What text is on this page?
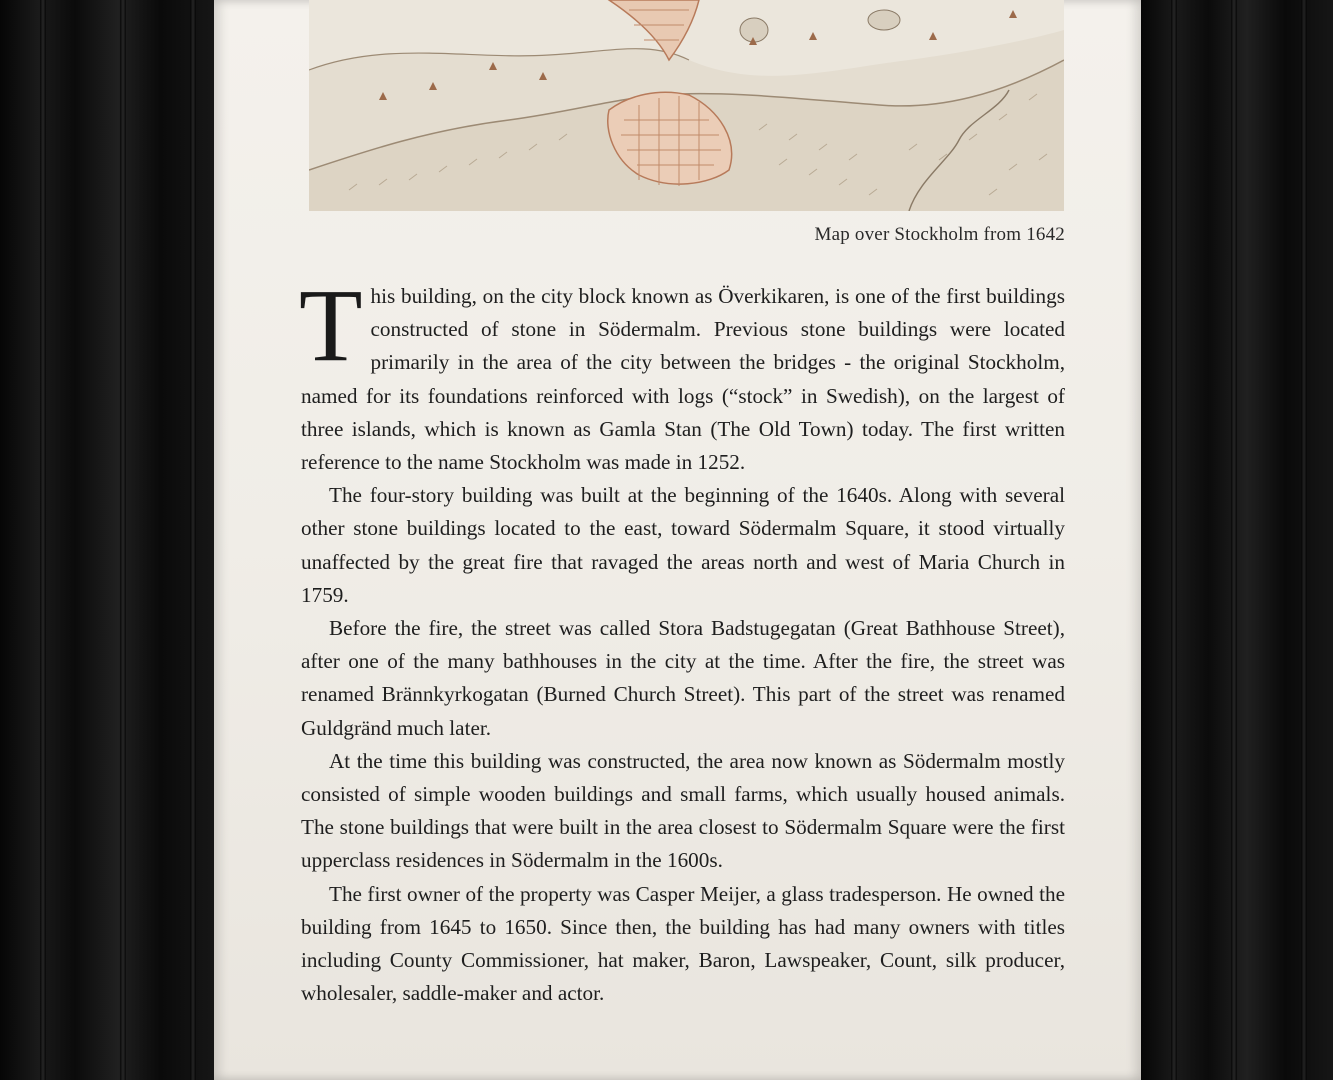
Map over Stockholm from 1642

This building, on the city block known as Överkikaren, is one of the first buildings constructed of stone in Södermalm. Previous stone buildings were located primarily in the area of the city between the bridges - the original Stockholm, named for its foundations reinforced with logs (“stock” in Swedish), on the largest of three islands, which is known as Gamla Stan (The Old Town) today. The first written reference to the name Stockholm was made in 1252.

The four-story building was built at the beginning of the 1640s. Along with several other stone buildings located to the east, toward Södermalm Square, it stood virtually unaffected by the great fire that ravaged the areas north and west of Maria Church in 1759.

Before the fire, the street was called Stora Badstugegatan (Great Bathhouse Street), after one of the many bathhouses in the city at the time. After the fire, the street was renamed Brännkyrkogatan (Burned Church Street). This part of the street was renamed Guldgränd much later.

At the time this building was constructed, the area now known as Södermalm mostly consisted of simple wooden buildings and small farms, which usually housed animals. The stone buildings that were built in the area closest to Södermalm Square were the first upperclass residences in Södermalm in the 1600s.

The first owner of the property was Casper Meijer, a glass tradesperson. He owned the building from 1645 to 1650. Since then, the building has had many owners with titles including County Commissioner, hat maker, Baron, Lawspeaker, Count, silk producer, wholesaler, saddle-maker and actor.
